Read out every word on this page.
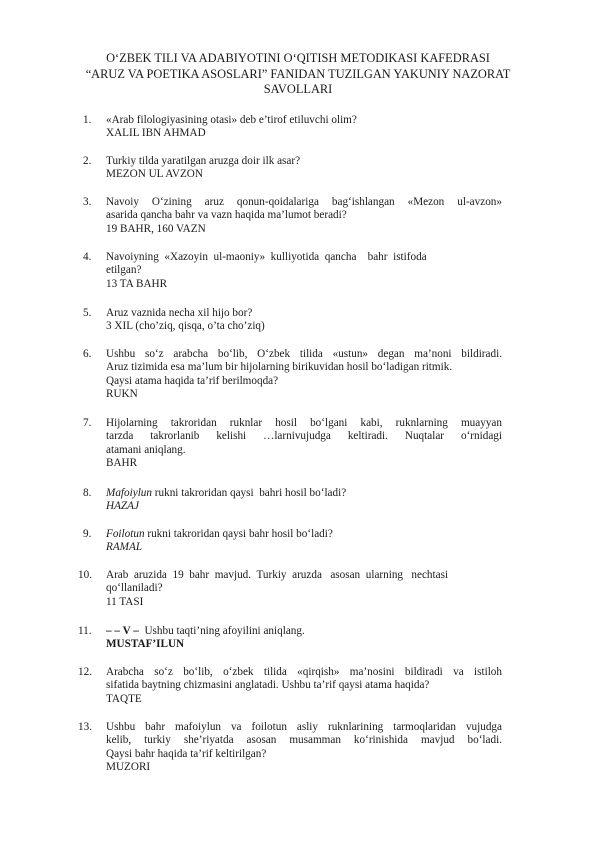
O‘ZBEK TILI VA ADABIYOTINI O‘QITISH METODIKASI KAFEDRASI
“ARUZ VA POETIKA ASOSLARI” FANIDAN TUZILGAN YAKUNIY NAZORAT
SAVOLLARI
1. «Arab filologiyasining otasi» deb e’tirof etiluvchi olim?
XALIL IBN AHMAD
2. Turkiy tilda yaratilgan aruzga doir ilk asar?
MEZON UL AVZON
3. Navoiy O‘zining aruz qonun-qoidalariga bag‘ishlangan «Mezon ul-avzon»
asarida qancha bahr va vazn haqida ma’lumot beradi?
19 BAHR, 160 VAZN
4. Navoiyning  «Xazoyin  ul-maoniy»  kulliyotida  qancha    bahr  istifoda
etilgan?
13 TA BAHR
5. Aruz vaznida necha xil hijo bor?
3 XIL (cho’ziq, qisqa, o’ta cho’ziq)
6. Ushbu so‘z arabcha bo‘lib, O‘zbek tilida «ustun» degan ma’noni bildiradi.
Aruz tizimida esa ma’lum bir hijolarning birikuvidan hosil bo‘ladigan ritmik.
Qaysi atama haqida ta’rif berilmoqda?
RUKN
7. Hijolarning takroridan ruknlar hosil bo‘lgani kabi, ruknlarning muayyan
tarzda takrorlanib kelishi …larnivujudga keltiradi. Nuqtalar o‘rnidagi
atamani aniqlang.
BAHR
8. Mafoiylun rukni takroridan qaysi  bahri hosil bo‘ladi?
HAZAJ
9. Foilotun rukni takroridan qaysi bahr hosil bo‘ladi?
RAMAL
10. Arab  aruzida  19  bahr  mavjud.  Turkiy  aruzda   asosan  ularning   nechtasi
qo‘llaniladi?
11 TASI
11. – – V –  Ushbu taqti’ning afoyilini aniqlang.
MUSTAF’ILUN
12. Arabcha so‘z bo‘lib, o‘zbek tilida «qirqish» ma’nosini bildiradi va istiloh
sifatida baytning chizmasini anglatadi. Ushbu ta’rif qaysi atama haqida?
TAQTE
13. Ushbu bahr mafoiylun va foilotun asliy ruknlarining tarmoqlaridan vujudga
kelib, turkiy she’riyatda asosan musamman ko‘rinishida mavjud bo‘ladi.
Qaysi bahr haqida ta’rif keltirilgan?
MUZORI
